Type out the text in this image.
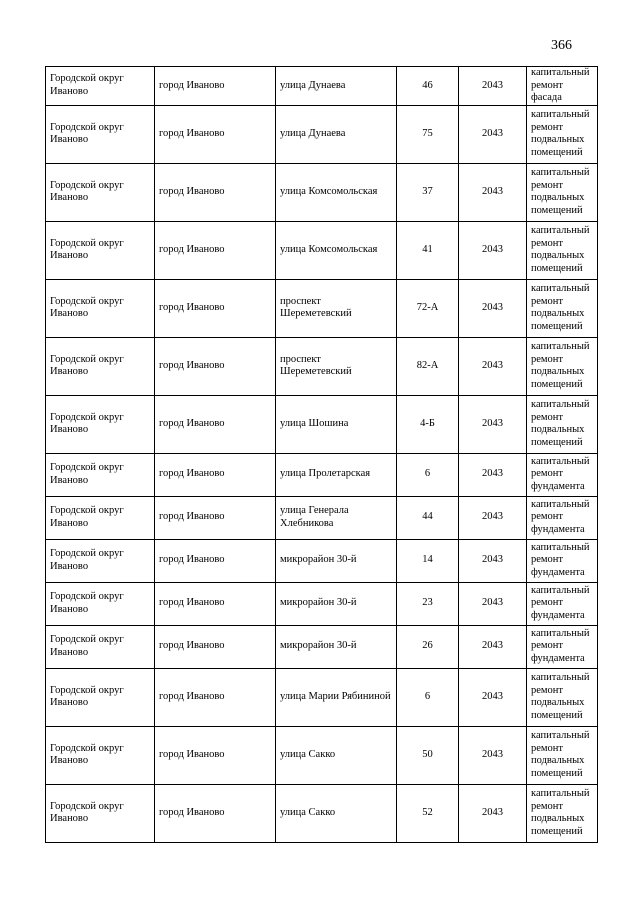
366
Городской округ Иваново	город Иваново	улица Дунаева	46	2043	капитальный ремонт фасада

Городской округ Иваново	город Иваново	улица Дунаева	75	2043	капитальный ремонт подвальных помещений

Городской округ Иваново	город Иваново	улица Комсомольская	37	2043	капитальный ремонт подвальных помещений

Городской округ Иваново	город Иваново	улица Комсомольская	41	2043	капитальный ремонт подвальных помещений

Городской округ Иваново	город Иваново	проспект Шереметевский	72-А	2043	капитальный ремонт подвальных помещений

Городской округ Иваново	город Иваново	проспект Шереметевский	82-А	2043	капитальный ремонт подвальных помещений

Городской округ Иваново	город Иваново	улица Шошина	4-Б	2043	капитальный ремонт подвальных помещений

Городской округ Иваново	город Иваново	улица Пролетарская	6	2043	капитальный ремонт фундамента

Городской округ Иваново	город Иваново	улица Генерала Хлебникова	44	2043	капитальный ремонт фундамента

Городской округ Иваново	город Иваново	микрорайон 30-й	14	2043	капитальный ремонт фундамента

Городской округ Иваново	город Иваново	микрорайон 30-й	23	2043	капитальный ремонт фундамента

Городской округ Иваново	город Иваново	микрорайон 30-й	26	2043	капитальный ремонт фундамента

Городской округ Иваново	город Иваново	улица Марии Рябининой	6	2043	капитальный ремонт подвальных помещений

Городской округ Иваново	город Иваново	улица Сакко	50	2043	капитальный ремонт подвальных помещений

Городской округ Иваново	город Иваново	улица Сакко	52	2043	капитальный ремонт подвальных помещений
